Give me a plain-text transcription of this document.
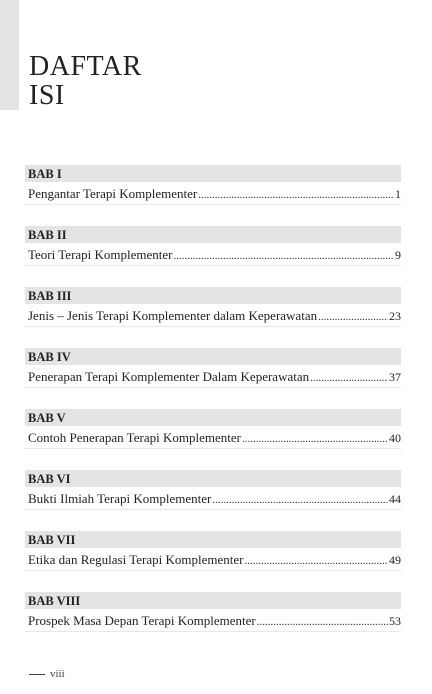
DAFTAR
ISI
BAB I
Pengantar Terapi Komplementer .....	1
BAB II
Teori Terapi Komplementer .....	9
BAB III
Jenis – Jenis Terapi Komplementer dalam Keperawatan .....	23
BAB IV
Penerapan Terapi Komplementer Dalam Keperawatan .....	37
BAB V
Contoh Penerapan Terapi Komplementer .....	40
BAB VI
Bukti Ilmiah Terapi Komplementer .....	44
BAB VII
Etika dan Regulasi Terapi Komplementer .....	49
BAB VIII
Prospek Masa Depan Terapi Komplementer .....	53
viii
